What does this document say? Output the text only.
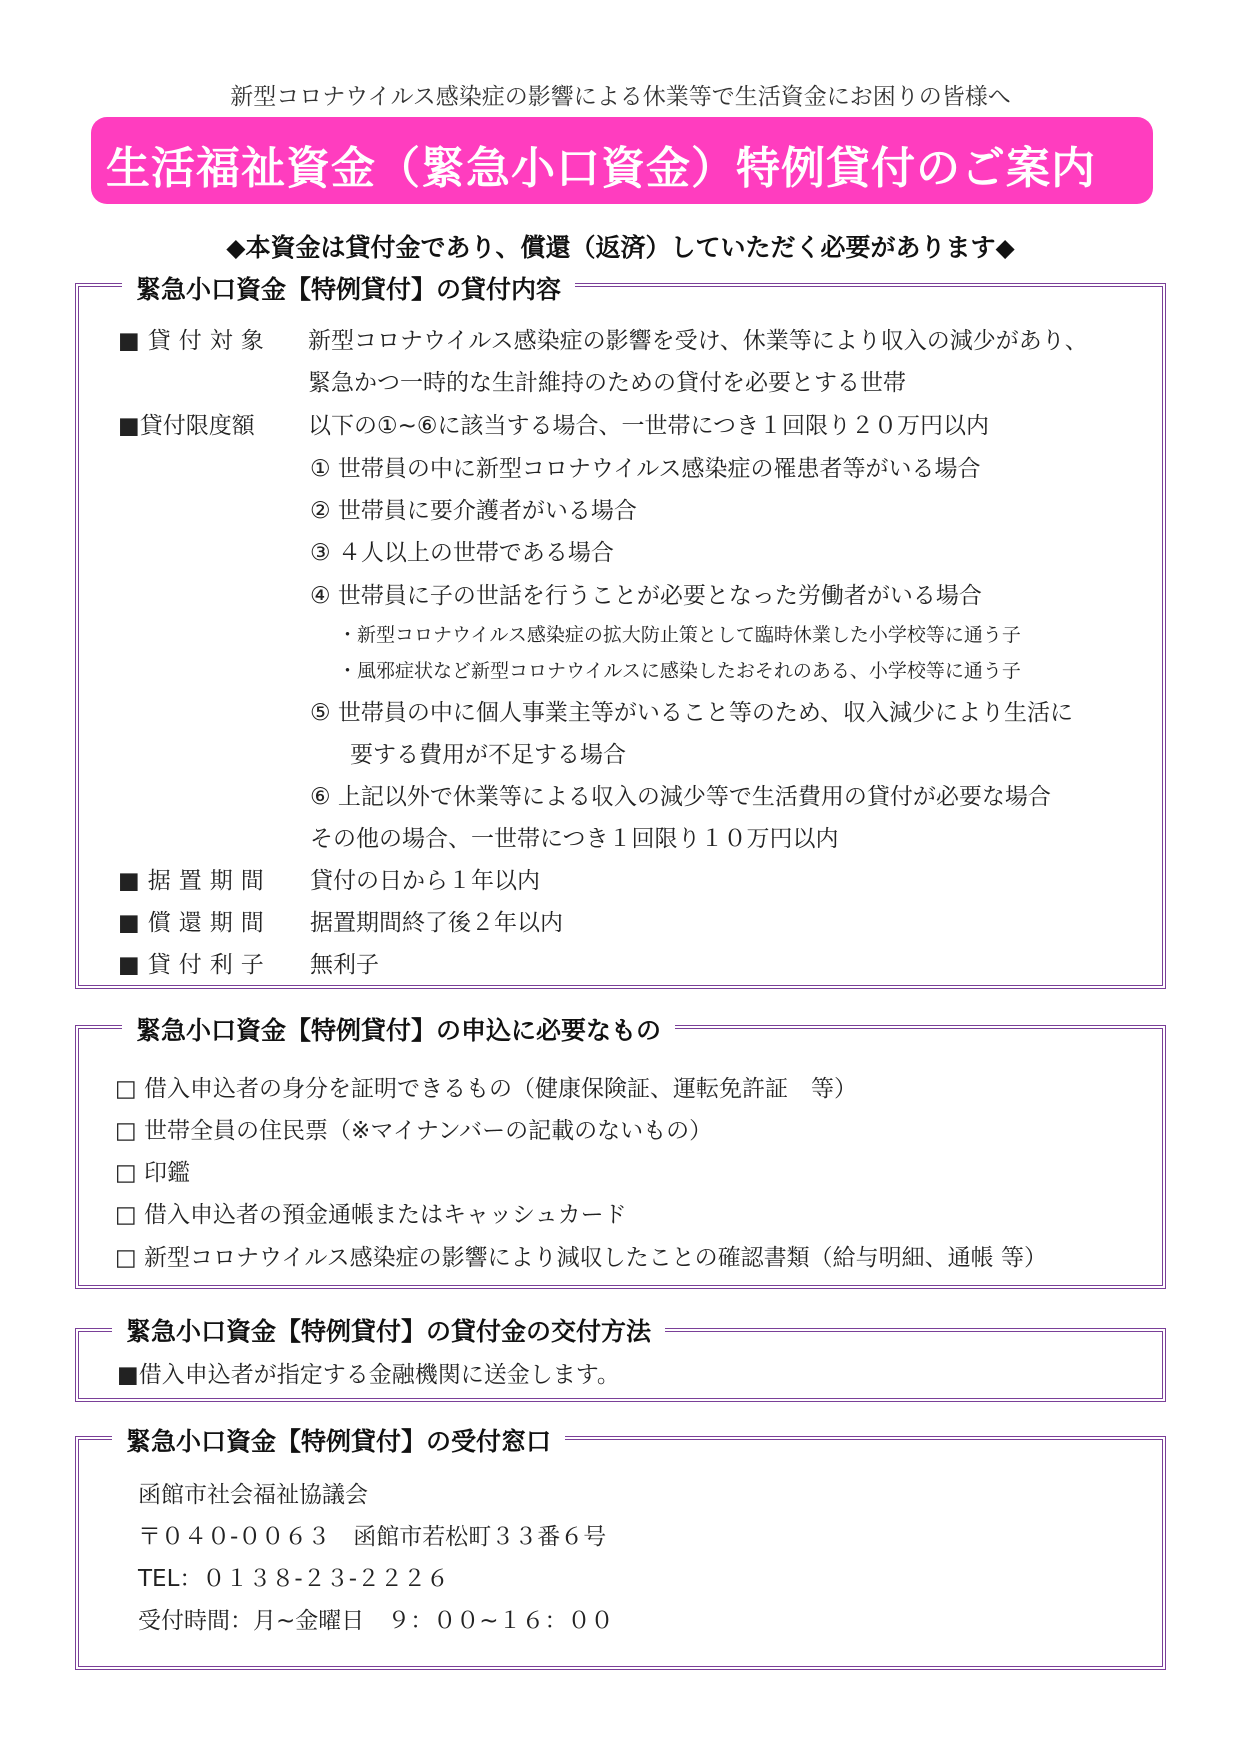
新型コロナウイルス感染症の影響による休業等で生活資金にお困りの皆様へ
生活福祉資金（緊急小口資金）特例貸付のご案内
◆本資金は貸付金であり、償還（返済）していただく必要があります◆
緊急小口資金【特例貸付】の貸付内容
■貸付対象 新型コロナウイルス感染症の影響を受け、休業等により収入の減少があり、
緊急かつ一時的な生計維持のための貸付を必要とする世帯
■貸付限度額 以下の①~⑥に該当する場合、一世帯につき１回限り２０万円以内
① 世帯員の中に新型コロナウイルス感染症の罹患者等がいる場合
② 世帯員に要介護者がいる場合
③ ４人以上の世帯である場合
④ 世帯員に子の世話を行うことが必要となった労働者がいる場合
・新型コロナウイルス感染症の拡大防止策として臨時休業した小学校等に通う子
・風邪症状など新型コロナウイルスに感染したおそれのある、小学校等に通う子
⑤ 世帯員の中に個人事業主等がいること等のため、収入減少により生活に
要する費用が不足する場合
⑥ 上記以外で休業等による収入の減少等で生活費用の貸付が必要な場合
その他の場合、一世帯につき１回限り１０万円以内
■据置期間 貸付の日から１年以内
■償還期間 据置期間終了後２年以内
■貸付利子 無利子
緊急小口資金【特例貸付】の申込に必要なもの
□ 借入申込者の身分を証明できるもの（健康保険証、運転免許証　等）
□ 世帯全員の住民票（※マイナンバーの記載のないもの）
□ 印鑑
□ 借入申込者の預金通帳またはキャッシュカード
□ 新型コロナウイルス感染症の影響により減収したことの確認書類（給与明細、通帳 等）
緊急小口資金【特例貸付】の貸付金の交付方法
■借入申込者が指定する金融機関に送金します。
緊急小口資金【特例貸付】の受付窓口
函館市社会福祉協議会
〒０４０-００６３　函館市若松町３３番６号
TEL：０１３８-２３-２２２６
受付時間：月~金曜日　９：００~１６：００
